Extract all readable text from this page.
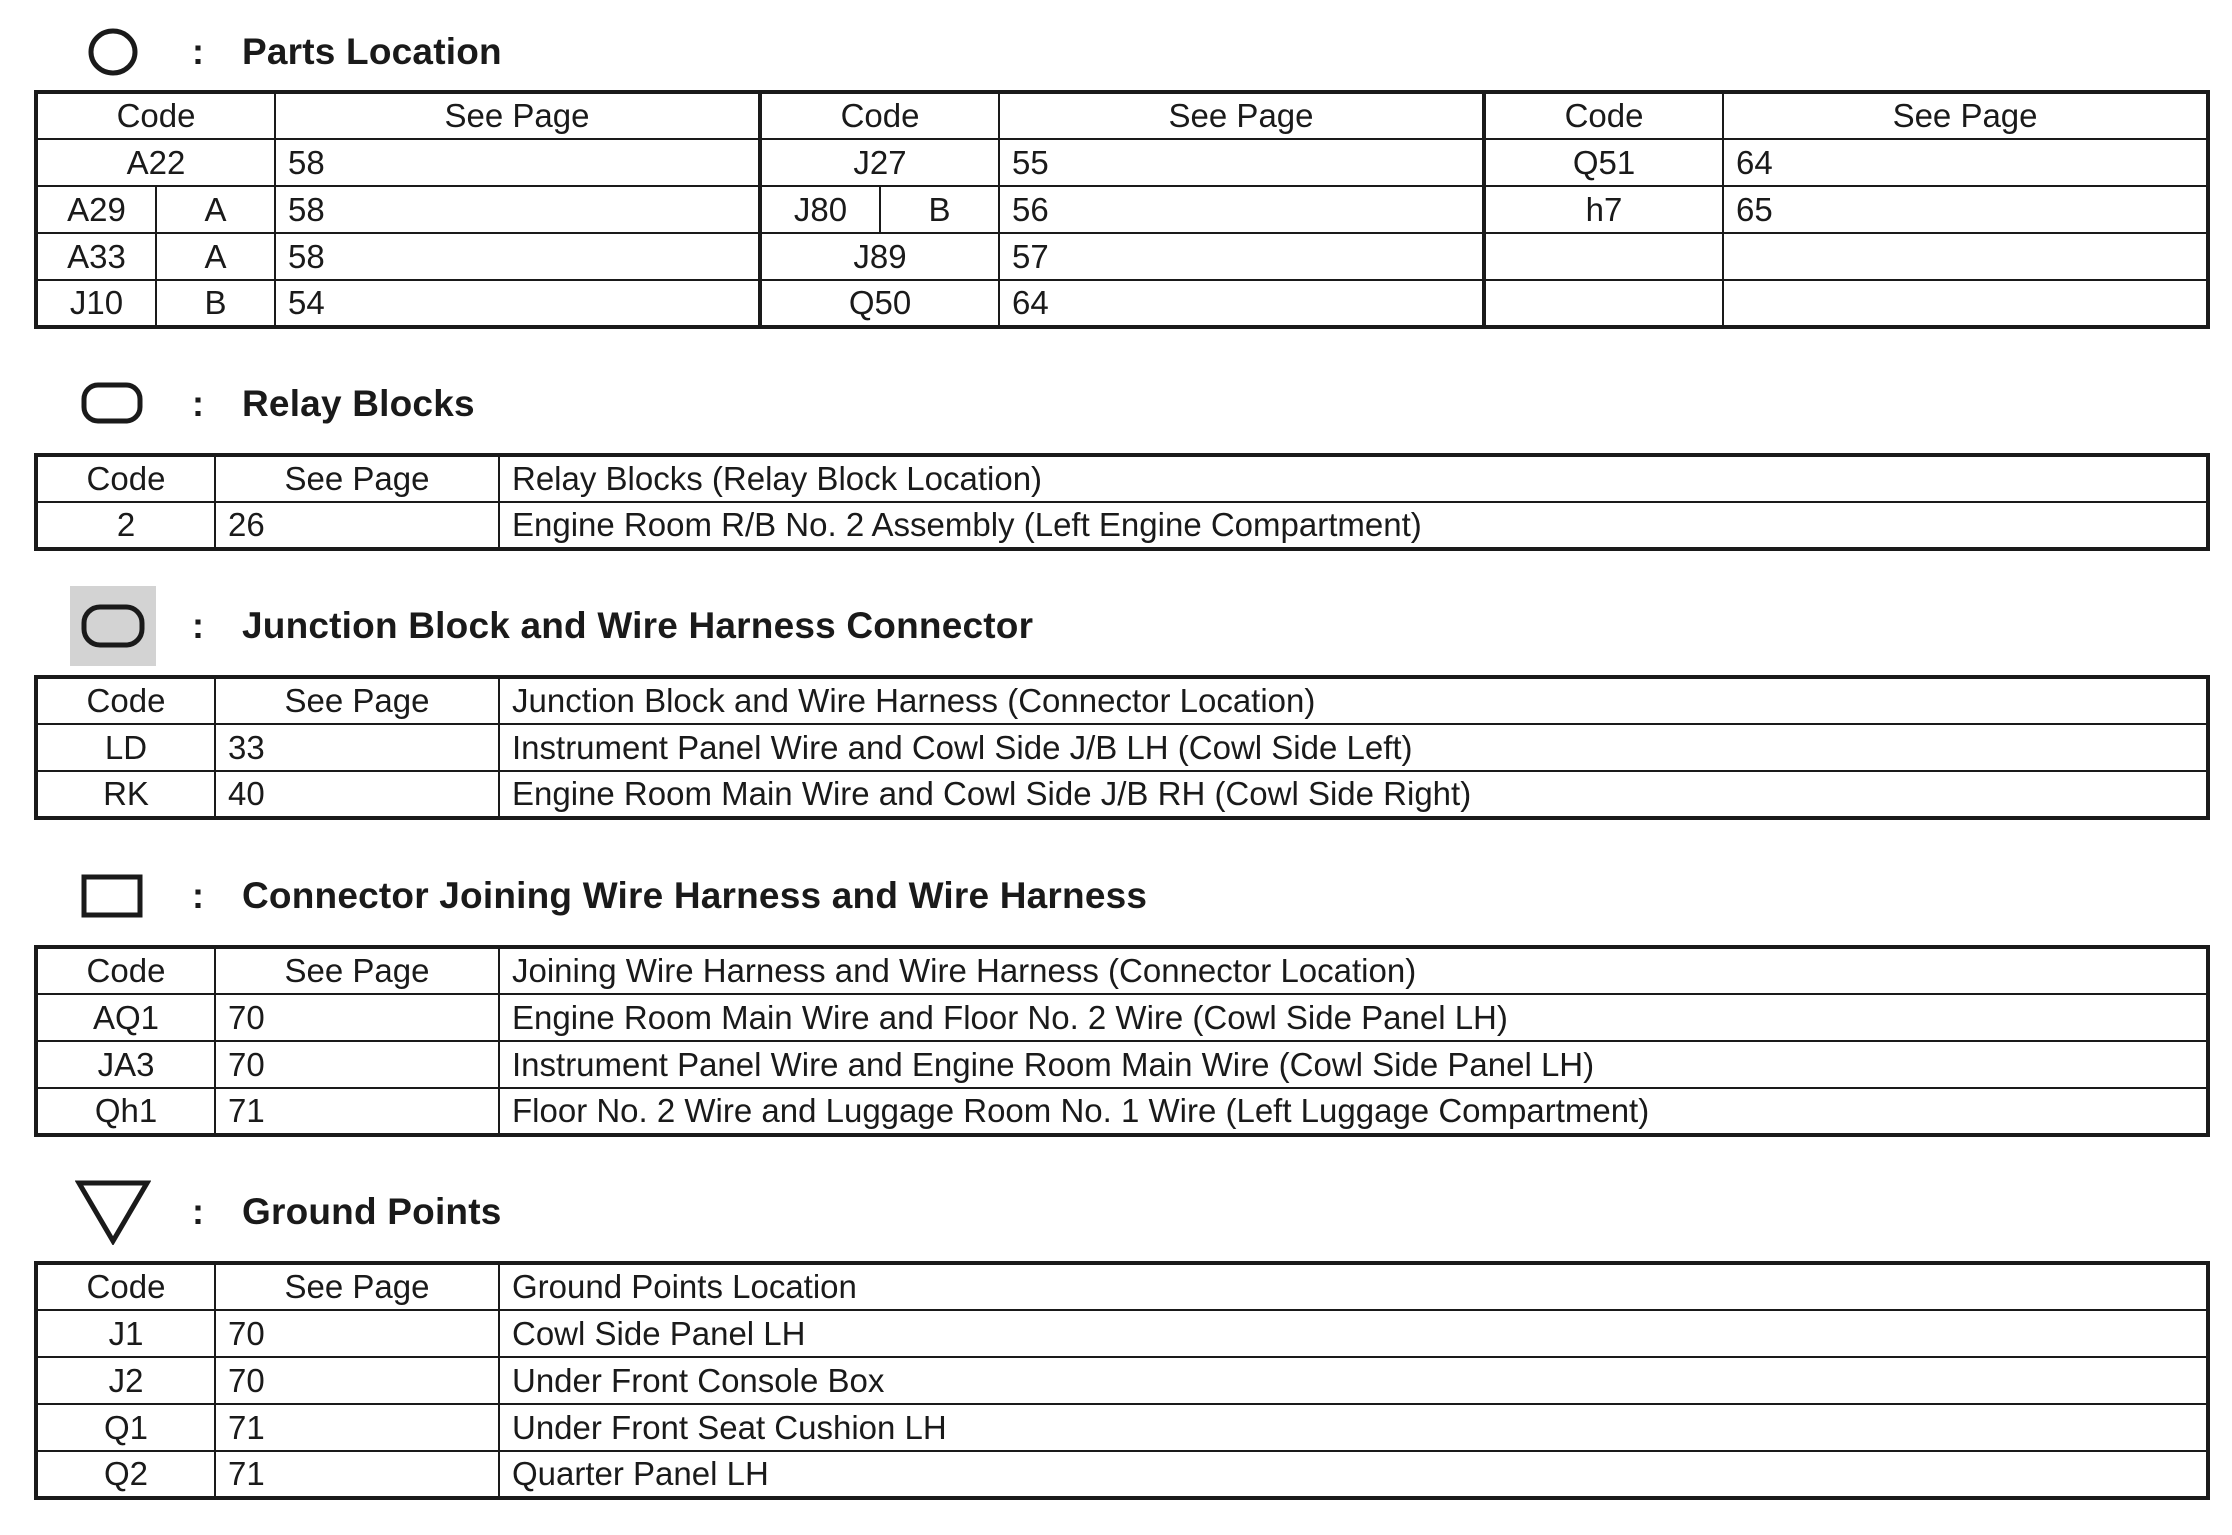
: Parts Location
Code		See Page	Code		See Page	Code	See Page
A22		58	J27		55	Q51	64
A29	A	58	J80	B	56	h7	65
A33	A	58	J89		57		
J10	B	54	Q50		64		
: Relay Blocks
Code	See Page	Relay Blocks (Relay Block Location)
2	26	Engine Room R/B No. 2 Assembly (Left Engine Compartment)
: Junction Block and Wire Harness Connector
Code	See Page	Junction Block and Wire Harness (Connector Location)
LD	33	Instrument Panel Wire and Cowl Side J/B LH (Cowl Side Left)
RK	40	Engine Room Main Wire and Cowl Side J/B RH (Cowl Side Right)
: Connector Joining Wire Harness and Wire Harness
Code	See Page	Joining Wire Harness and Wire Harness (Connector Location)
AQ1	70	Engine Room Main Wire and Floor No. 2 Wire (Cowl Side Panel LH)
JA3	70	Instrument Panel Wire and Engine Room Main Wire (Cowl Side Panel LH)
Qh1	71	Floor No. 2 Wire and Luggage Room No. 1 Wire (Left Luggage Compartment)
: Ground Points
Code	See Page	Ground Points Location
J1	70	Cowl Side Panel LH
J2	70	Under Front Console Box
Q1	71	Under Front Seat Cushion LH
Q2	71	Quarter Panel LH
